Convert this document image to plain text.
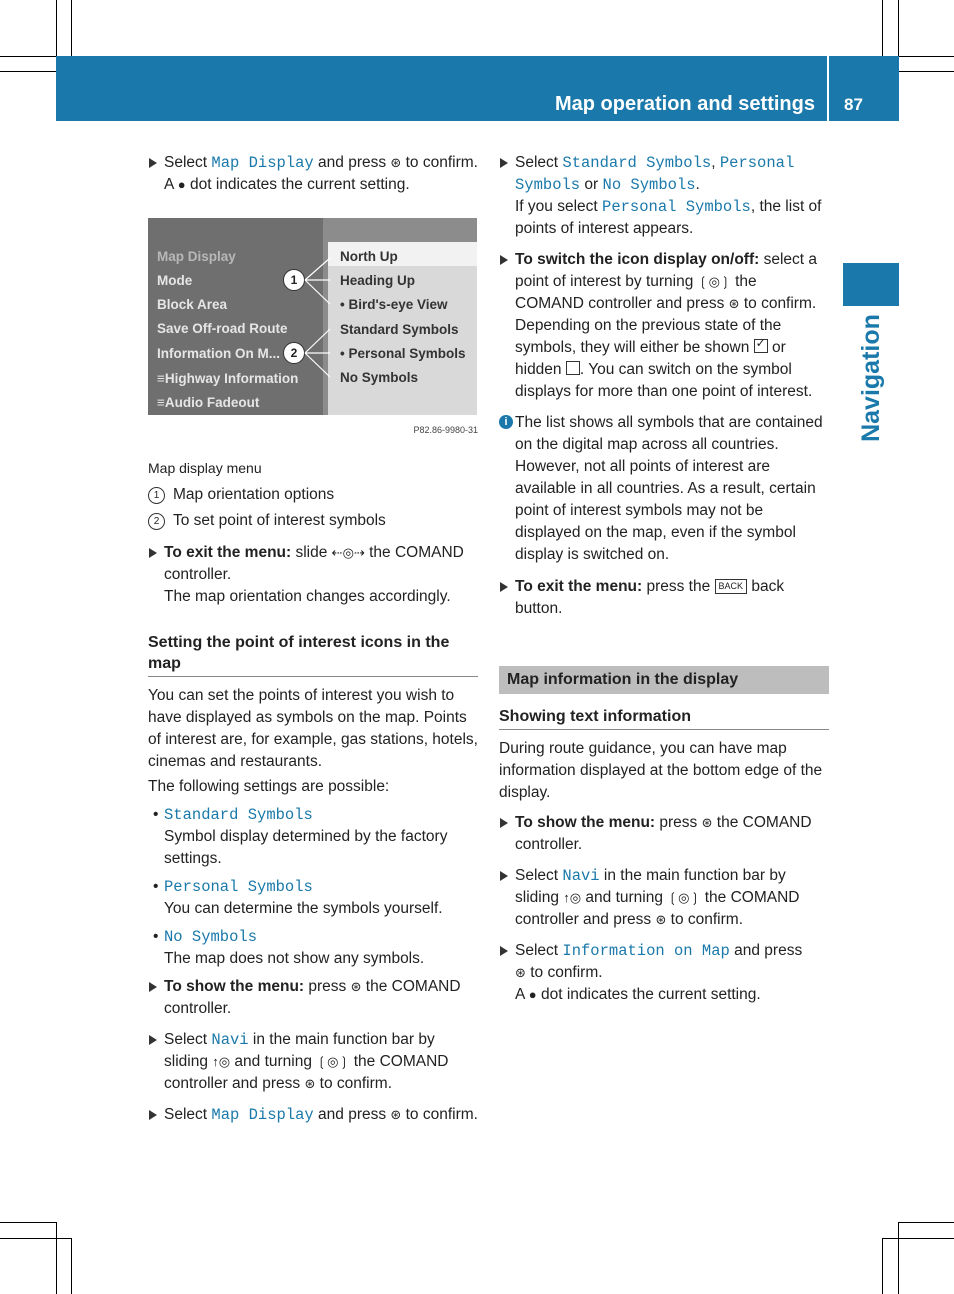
Map operation and settings 87
Navigation
Select Map Display and press ⊛ to confirm.
A ● dot indicates the current setting.
Map Display
Mode
Block Area
Save Off-road Route
Information On M...
≡Highway Information
≡Audio Fadeout
North Up
Heading Up
• Bird's-eye View
Standard Symbols
• Personal Symbols
No Symbols
1
2
P82.86-9980-31

Map display menu

1 Map orientation options
2 To set point of interest symbols
To exit the menu: slide ⇠◎⇢ the COMAND controller.
The map orientation changes accordingly.
Setting the point of interest icons in the map

You can set the points of interest you wish to have displayed as symbols on the map. Points of interest are, for example, gas stations, hotels, cinemas and restaurants.

The following settings are possible:

• Standard Symbols
Symbol display determined by the factory settings.
• Personal Symbols
You can determine the symbols yourself.
• No Symbols
The map does not show any symbols.
To show the menu: press ⊛ the COMAND controller.
Select Navi in the main function bar by sliding ↑◎ and turning ❲◎❳ the COMAND controller and press ⊛ to confirm.
Select Map Display and press ⊛ to confirm.
Select Standard Symbols, Personal Symbols or No Symbols.
If you select Personal Symbols, the list of points of interest appears.
To switch the icon display on/off: select a point of interest by turning ❲◎❳ the COMAND controller and press ⊛ to confirm.
Depending on the previous state of the symbols, they will either be shown ✓ or hidden . You can switch on the symbol displays for more than one point of interest.
i The list shows all symbols that are contained on the digital map across all countries. However, not all points of interest are available in all countries. As a result, certain point of interest symbols may not be displayed on the map, even if the symbol display is switched on.
To exit the menu: press the BACK back button.
Map information in the display
Showing text information

During route guidance, you can have map information displayed at the bottom edge of the display.

To show the menu: press ⊛ the COMAND controller.
Select Navi in the main function bar by sliding ↑◎ and turning ❲◎❳ the COMAND controller and press ⊛ to confirm.
Select Information on Map and press
⊛ to confirm.
A ● dot indicates the current setting.
